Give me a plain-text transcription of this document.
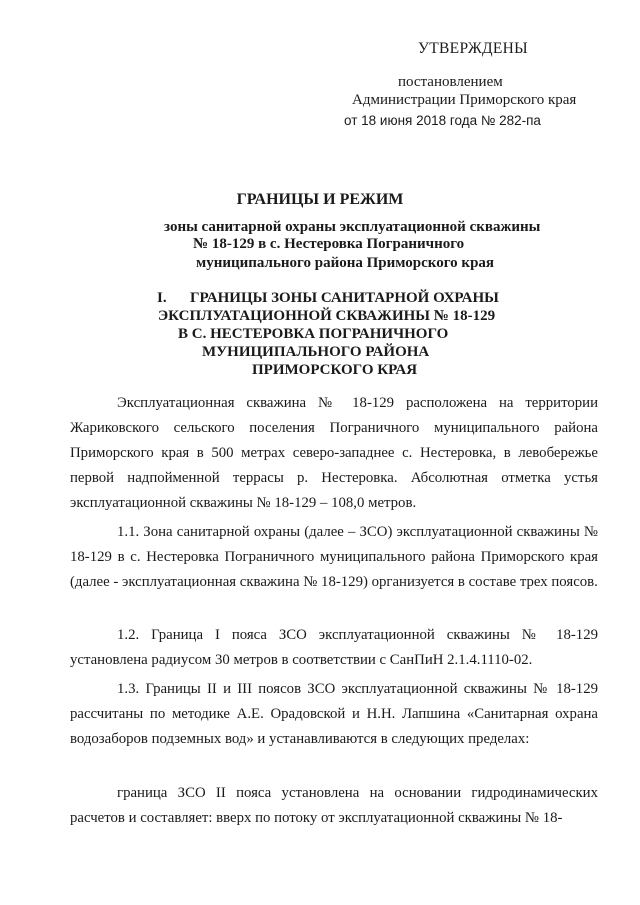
УТВЕРЖДЕНЫ
постановлением
Администрации Приморского края
от 18 июня 2018 года № 282-па
ГРАНИЦЫ И РЕЖИМ
зоны санитарной охраны эксплуатационной скважины
№ 18-129 в с. Нестеровка Пограничного
муниципального района Приморского края
I. ГРАНИЦЫ ЗОНЫ САНИТАРНОЙ ОХРАНЫ
ЭКСПЛУАТАЦИОННОЙ СКВАЖИНЫ № 18-129
В С. НЕСТЕРОВКА ПОГРАНИЧНОГО
МУНИЦИПАЛЬНОГО РАЙОНА
ПРИМОРСКОГО КРАЯ

Эксплуатационная скважина № 18-129 расположена на территории Жариковского сельского поселения Пограничного муниципального района Приморского края в 500 метрах северо-западнее с. Нестеровка, в левобережье первой надпойменной террасы р. Нестеровка. Абсолютная отметка устья эксплуатационной скважины № 18-129 – 108,0 метров.

1.1. Зона санитарной охраны (далее – ЗСО) эксплуатационной скважины № 18-129 в с. Нестеровка Пограничного муниципального района Приморского края (далее - эксплуатационная скважина № 18-129) организуется в составе трех поясов.

1.2. Граница I пояса ЗСО эксплуатационной скважины № 18-129 установлена радиусом 30 метров в соответствии с СанПиН 2.1.4.1110-02.

1.3. Границы II и III поясов ЗСО эксплуатационной скважины № 18-129 рассчитаны по методике А.Е. Орадовской и Н.Н. Лапшина «Санитарная охрана водозаборов подземных вод» и устанавливаются в следующих пределах:

граница ЗСО II пояса установлена на основании гидродинамических расчетов и составляет: вверх по потоку от эксплуатационной скважины № 18-
